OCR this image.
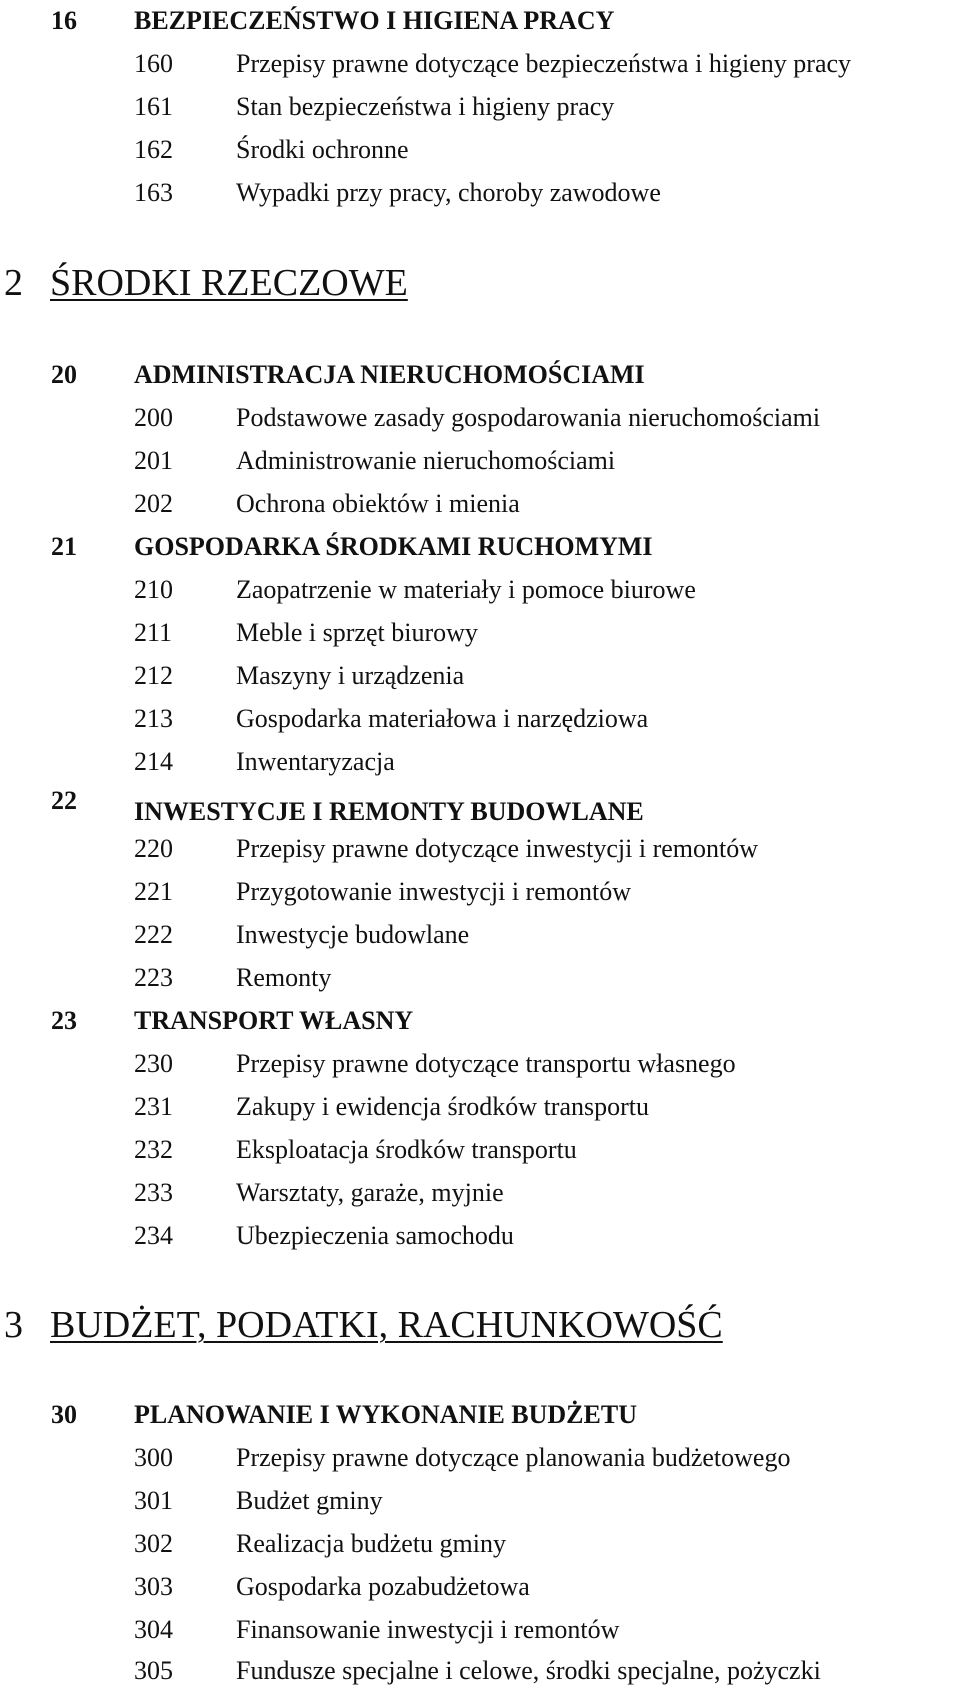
16 BEZPIECZEŃSTWO I HIGIENA PRACY
160 Przepisy prawne dotyczące bezpieczeństwa i higieny pracy
161 Stan bezpieczeństwa i higieny pracy
162 Środki ochronne
163 Wypadki przy pracy, choroby zawodowe
2 ŚRODKI RZECZOWE
20 ADMINISTRACJA NIERUCHOMOŚCIAMI
200 Podstawowe zasady gospodarowania nieruchomościami
201 Administrowanie nieruchomościami
202 Ochrona obiektów i mienia
21 GOSPODARKA ŚRODKAMI RUCHOMYMI
210 Zaopatrzenie w materiały i pomoce biurowe
211 Meble i sprzęt biurowy
212 Maszyny i urządzenia
213 Gospodarka materiałowa i narzędziowa
214 Inwentaryzacja
22 INWESTYCJE I REMONTY BUDOWLANE
220 Przepisy prawne dotyczące inwestycji i remontów
221 Przygotowanie inwestycji i remontów
222 Inwestycje budowlane
223 Remonty
23 TRANSPORT WŁASNY
230 Przepisy prawne dotyczące transportu własnego
231 Zakupy i ewidencja środków transportu
232 Eksploatacja środków transportu
233 Warsztaty, garaże, myjnie
234 Ubezpieczenia samochodu
3 BUDŻET, PODATKI, RACHUNKOWOŚĆ
30 PLANOWANIE I WYKONANIE BUDŻETU
300 Przepisy prawne dotyczące planowania budżetowego
301 Budżet gminy
302 Realizacja budżetu gminy
303 Gospodarka pozabudżetowa
304 Finansowanie inwestycji i remontów
305 Fundusze specjalne i celowe, środki specjalne, pożyczki
